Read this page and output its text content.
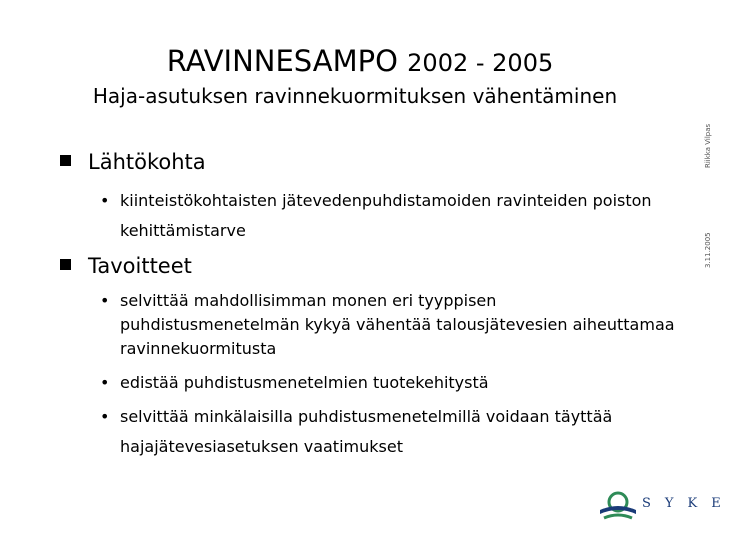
RAVINNESAMPO 2002 - 2005
Haja-asutuksen ravinnekuormituksen vähentäminen
Riikka Vilpas
3.11.2005
Lähtökohta
• kiinteistökohtaisten jätevedenpuhdistamoiden ravinteiden poiston kehittämistarve
Tavoitteet
• selvittää mahdollisimman monen eri tyyppisen puhdistusmenetelmän kykyä vähentää talousjätevesien aiheuttamaa ravinnekuormitusta
• edistää puhdistusmenetelmien tuotekehitystä
• selvittää minkälaisilla puhdistusmenetelmillä voidaan täyttää hajajätevesiasetuksen vaatimukset
SYKE
